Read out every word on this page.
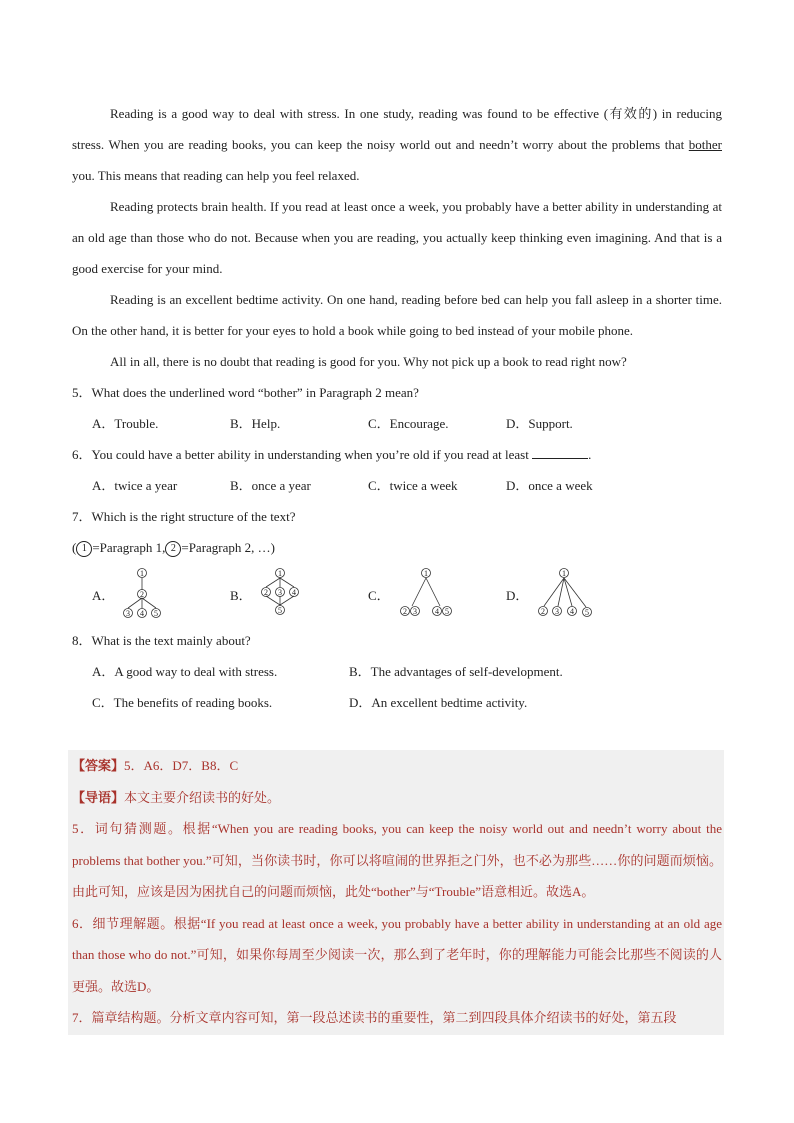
Reading is a good way to deal with stress. In one study, reading was found to be effective (有效的) in reducing stress. When you are reading books, you can keep the noisy world out and needn’t worry about the problems that bother you. This means that reading can help you feel relaxed.

Reading protects brain health. If you read at least once a week, you probably have a better ability in understanding at an old age than those who do not. Because when you are reading, you actually keep thinking even imagining. And that is a good exercise for your mind.

Reading is an excellent bedtime activity. On one hand, reading before bed can help you fall asleep in a shorter time. On the other hand, it is better for your eyes to hold a book while going to bed instead of your mobile phone.

All in all, there is no doubt that reading is good for you. Why not pick up a book to read right now?

5．What does the underlined word “bother” in Paragraph 2 mean?

A．Trouble.	B．Help.	C．Encourage.	D．Support.

6．You could have a better ability in understanding when you’re old if you read at least	.

A．twice a year	B．once a year	C．twice a week	D．once a week

7．Which is the right structure of the text?

( 1 =Paragraph 1, 2 =Paragraph 2, …)

A．
1
2
3 4 5
B．
1
2 3 4
5
C．
1
2 3 4 5
D．
1
2 3 4 5

8．What is the text mainly about?

A．A good way to deal with stress.	B．The advantages of self-development.
C．The benefits of reading books.	D．An excellent bedtime activity.

【答案】5．A6．D7．B8．C

【导语】本文主要介绍读书的好处。

5．词句猜测题。根据“When you are reading books, you can keep the noisy world out and needn’t worry about the problems that bother you.”可知，当你读书时，你可以将喧闹的世界拒之门外，也不必为那些……你的问题而烦恼。由此可知，应该是因为困扰自己的问题而烦恼，此处“bother”与“Trouble”语意相近。故选A。

6．细节理解题。根据“If you read at least once a week, you probably have a better ability in understanding at an old age than those who do not.”可知，如果你每周至少阅读一次，那么到了老年时，你的理解能力可能会比那些不阅读的人更强。故选D。

7．篇章结构题。分析文章内容可知，第一段总述读书的重要性，第二到四段具体介绍读书的好处，第五段
